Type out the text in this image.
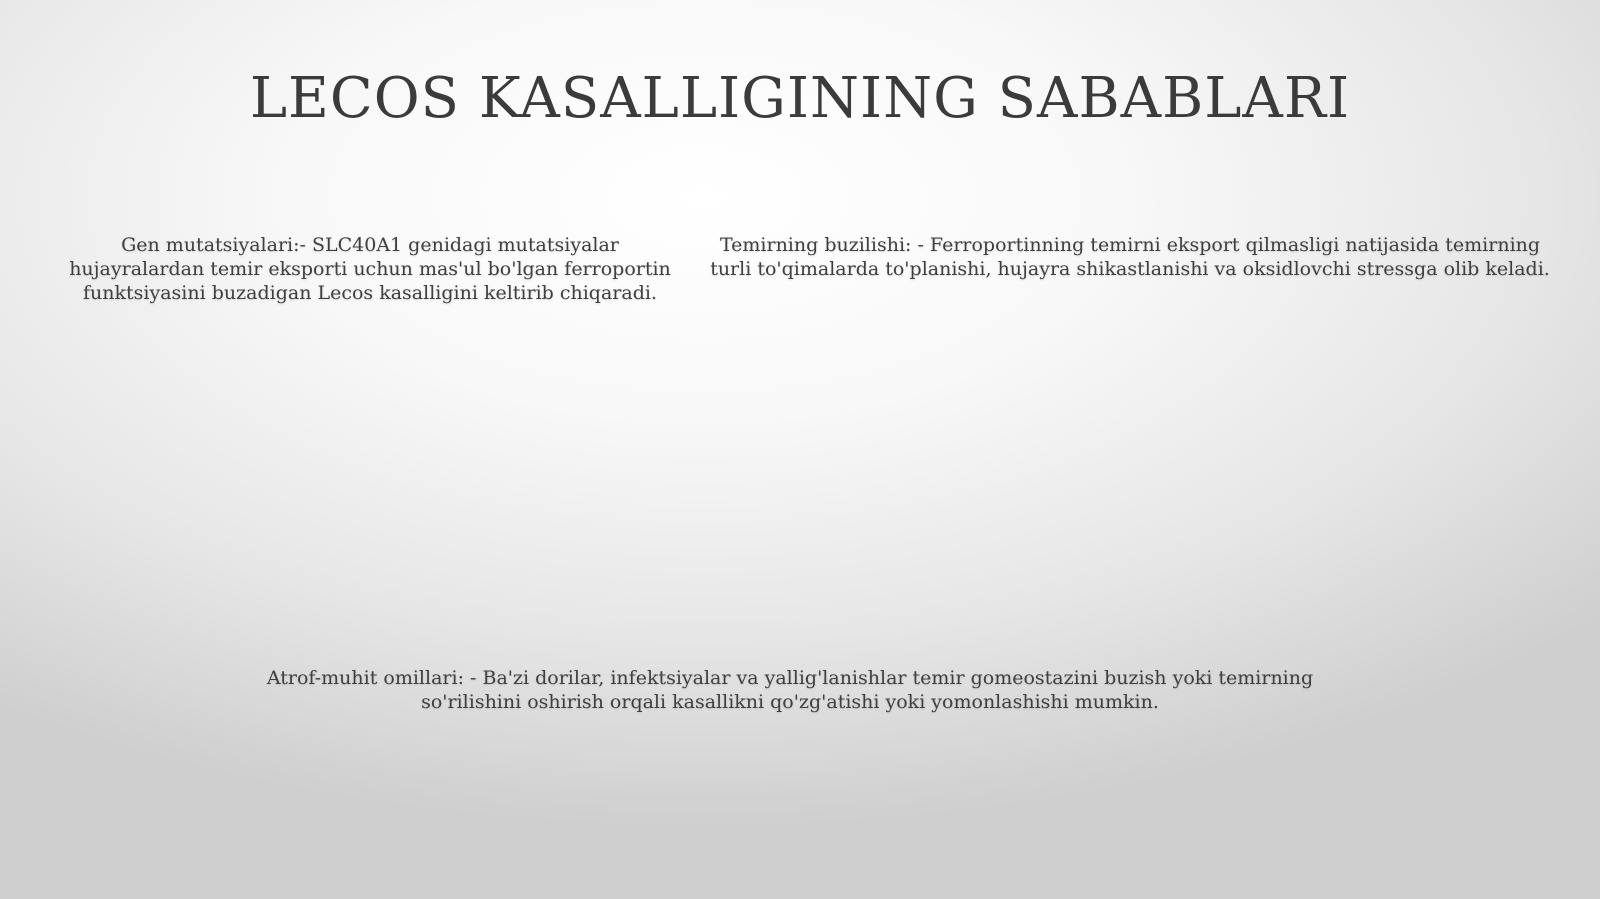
LECOS KASALLIGINING SABABLARI
Gen mutatsiyalari:- SLC40A1 genidagi mutatsiyalar hujayralardan temir eksporti uchun mas'ul bo'lgan ferroportin funktsiyasini buzadigan Lecos kasalligini keltirib chiqaradi.
Temirning buzilishi: - Ferroportinning temirni eksport qilmasligi natijasida temirning turli to'qimalarda to'planishi, hujayra shikastlanishi va oksidlovchi stressga olib keladi.
Atrof-muhit omillari: - Ba'zi dorilar, infektsiyalar va yallig'lanishlar temir gomeostazini buzish yoki temirning so'rilishini oshirish orqali kasallikni qo'zg'atishi yoki yomonlashishi mumkin.
